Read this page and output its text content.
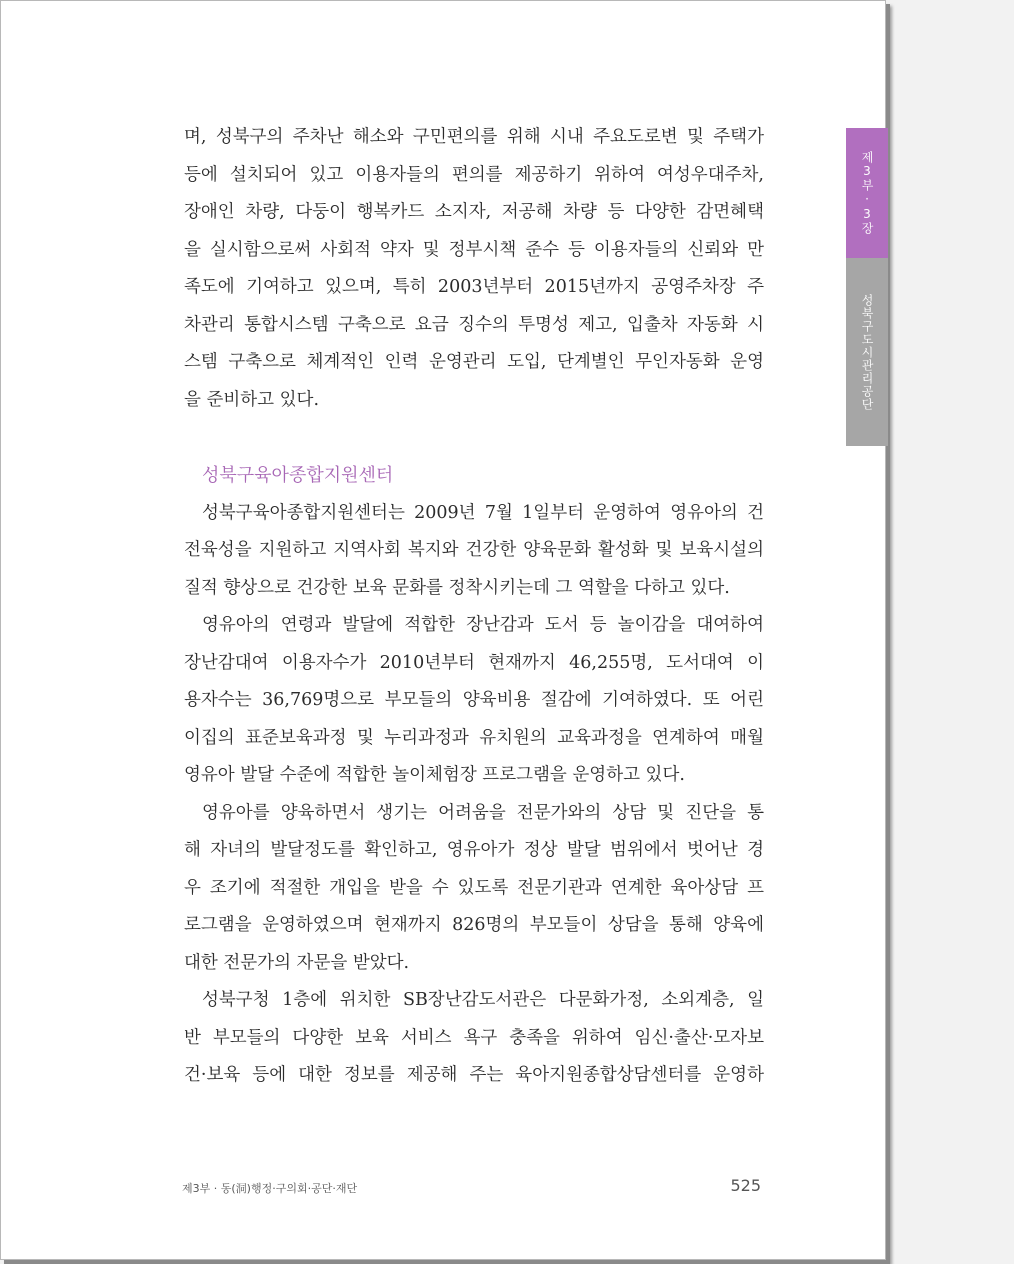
제3부·3장
성북구도시관리공단
며, 성북구의 주차난 해소와 구민편의를 위해 시내 주요도로변 및 주택가
등에 설치되어 있고 이용자들의 편의를 제공하기 위하여 여성우대주차,
장애인 차량, 다둥이 행복카드 소지자, 저공해 차량 등 다양한 감면혜택
을 실시함으로써 사회적 약자 및 정부시책 준수 등 이용자들의 신뢰와 만
족도에 기여하고 있으며, 특히 2003년부터 2015년까지 공영주차장 주
차관리 통합시스템 구축으로 요금 징수의 투명성 제고, 입출차 자동화 시
스템 구축으로 체계적인 인력 운영관리 도입, 단계별인 무인자동화 운영
을 준비하고 있다.
성북구육아종합지원센터
성북구육아종합지원센터는 2009년 7월 1일부터 운영하여 영유아의 건
전육성을 지원하고 지역사회 복지와 건강한 양육문화 활성화 및 보육시설의
질적 향상으로 건강한 보육 문화를 정착시키는데 그 역할을 다하고 있다.
영유아의 연령과 발달에 적합한 장난감과 도서 등 놀이감을 대여하여
장난감대여 이용자수가 2010년부터 현재까지 46,255명, 도서대여 이
용자수는 36,769명으로 부모들의 양육비용 절감에 기여하였다. 또 어린
이집의 표준보육과정 및 누리과정과 유치원의 교육과정을 연계하여 매월
영유아 발달 수준에 적합한 놀이체험장 프로그램을 운영하고 있다.
영유아를 양육하면서 생기는 어려움을 전문가와의 상담 및 진단을 통
해 자녀의 발달정도를 확인하고, 영유아가 정상 발달 범위에서 벗어난 경
우 조기에 적절한 개입을 받을 수 있도록 전문기관과 연계한 육아상담 프
로그램을 운영하였으며 현재까지 826명의 부모들이 상담을 통해 양육에
대한 전문가의 자문을 받았다.
성북구청 1층에 위치한 SB장난감도서관은 다문화가정, 소외계층, 일
반 부모들의 다양한 보육 서비스 욕구 충족을 위하여 임신·출산·모자보
건·보육 등에 대한 정보를 제공해 주는 육아지원종합상담센터를 운영하
제3부 · 동(洞)행정·구의회·공단·재단	525
